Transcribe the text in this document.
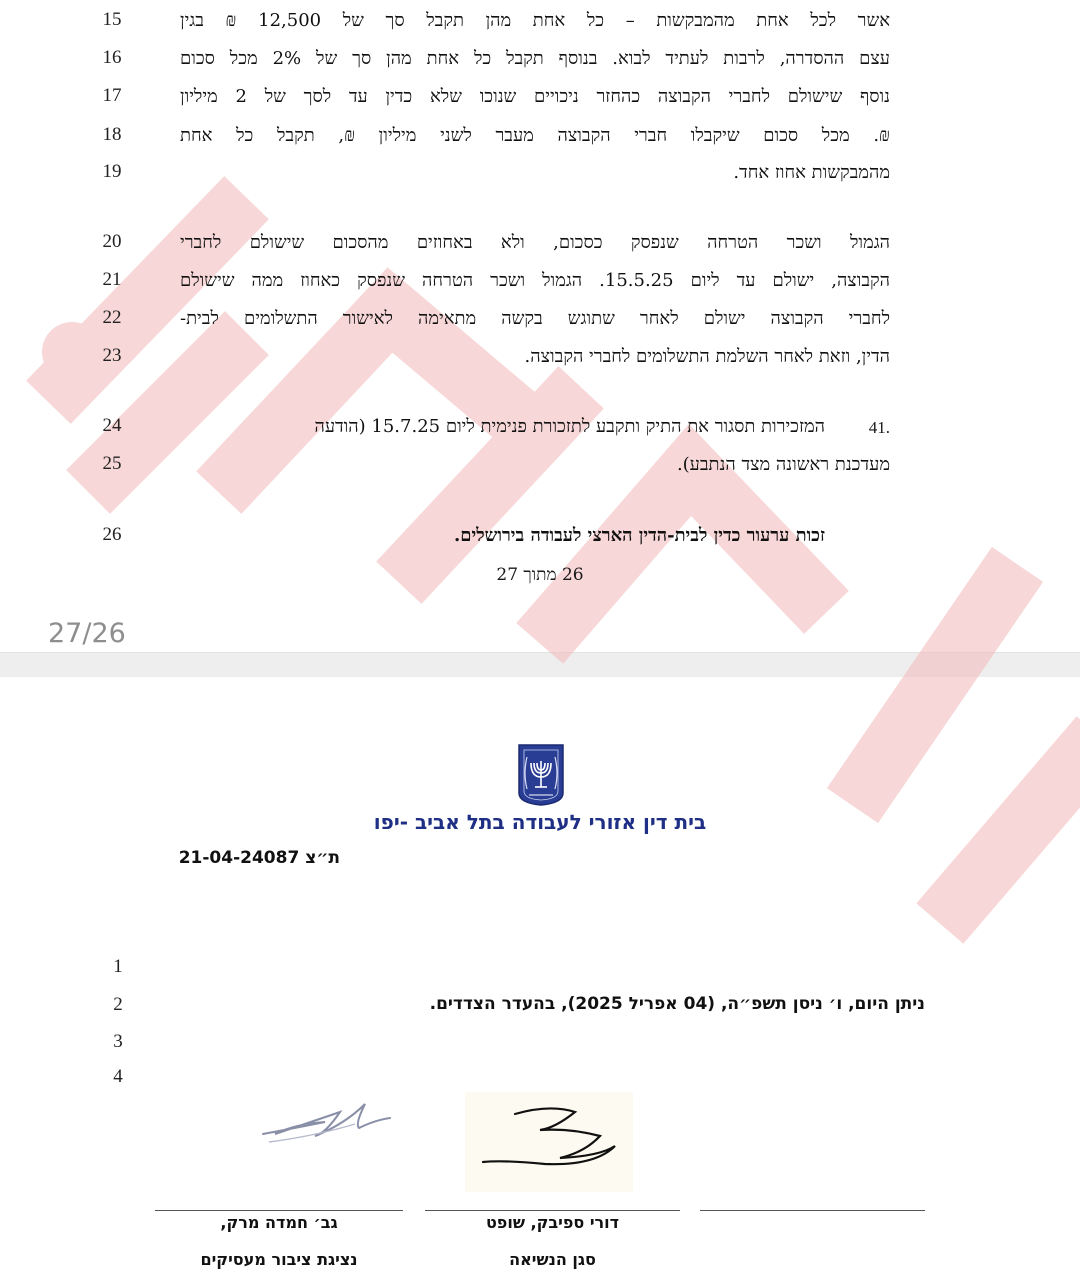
15
16
17
18
19
20
21
22
23
24
25
26
אשר לכל אחת מהמבקשות – כל אחת מהן תקבל סך של 12,500 ₪ בגין
עצם ההסדרה, לרבות לעתיד לבוא. בנוסף תקבל כל אחת מהן סך של 2% מכל סכום
נוסף שישולם לחברי הקבוצה כהחזר ניכויים שנוכו שלא כדין עד לסך של 2 מיליון
₪. מכל סכום שיקבלו חברי הקבוצה מעבר לשני מיליון ₪, תקבל כל אחת
מהמבקשות אחוז אחד.
הגמול ושכר הטרחה שנפסק כסכום, ולא באחוזים מהסכום שישולם לחברי
הקבוצה, ישולם עד ליום 15.5.25. הגמול ושכר הטרחה שנפסק כאחוז ממה שישולם
לחברי הקבוצה ישולם לאחר שתוגש בקשה מתאימה לאישור התשלומים לבית-
הדין, וזאת לאחר השלמת התשלומים לחברי הקבוצה.
41.
המזכירות תסגור את התיק ותקבע לתזכורת פנימית ליום 15.7.25 (הודעה
מעדכנת ראשונה מצד הנתבע).
זכות ערעור כדין לבית-הדין הארצי לעבודה בירושלים.
26 מתוך 27
בית דין אזורי לעבודה בתל אביב -יפו
ת״צ 21-04-24087
1
2
3
4
ניתן היום, ו׳ ניסן תשפ״ה, (04 אפריל 2025), בהעדר הצדדים.
דורי ספיבק, שופט
סגן הנשיאה
גב׳ חמדה מרק,
נציגת ציבור מעסיקים
27/26
